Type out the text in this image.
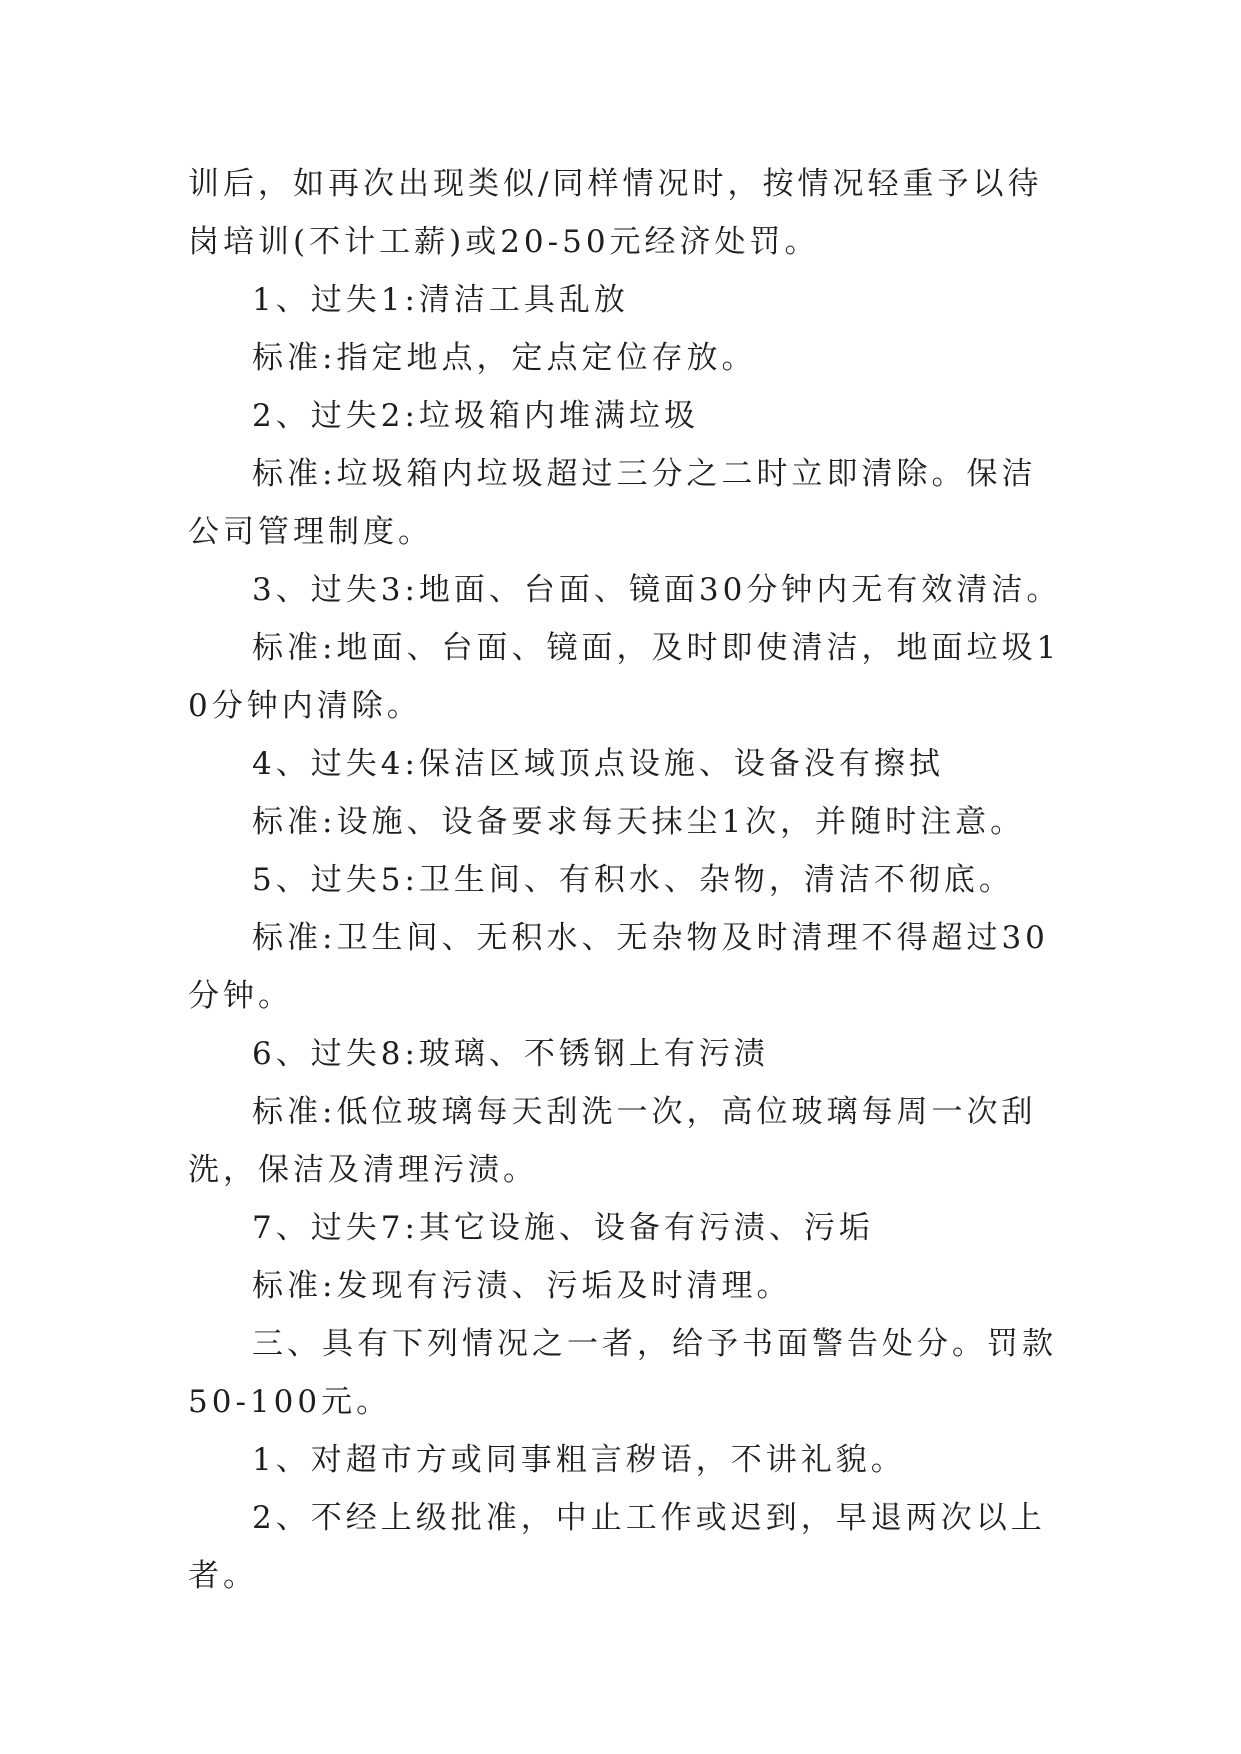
训后，如再次出现类似/同样情况时，按情况轻重予以待岗培训(不计工薪)或20-50元经济处罚。

1、过失1:清洁工具乱放

标准:指定地点，定点定位存放。

2、过失2:垃圾箱内堆满垃圾

标准:垃圾箱内垃圾超过三分之二时立即清除。保洁公司管理制度。

3、过失3:地面、台面、镜面30分钟内无有效清洁。

标准:地面、台面、镜面，及时即使清洁，地面垃圾10分钟内清除。

4、过失4:保洁区域顶点设施、设备没有擦拭

标准:设施、设备要求每天抹尘1次，并随时注意。

5、过失5:卫生间、有积水、杂物，清洁不彻底。

标准:卫生间、无积水、无杂物及时清理不得超过30分钟。

6、过失8:玻璃、不锈钢上有污渍

标准:低位玻璃每天刮洗一次，高位玻璃每周一次刮洗，保洁及清理污渍。

7、过失7:其它设施、设备有污渍、污垢

标准:发现有污渍、污垢及时清理。

三、具有下列情况之一者，给予书面警告处分。罚款50-100元。

1、对超市方或同事粗言秽语，不讲礼貌。

2、不经上级批准，中止工作或迟到，早退两次以上者。
